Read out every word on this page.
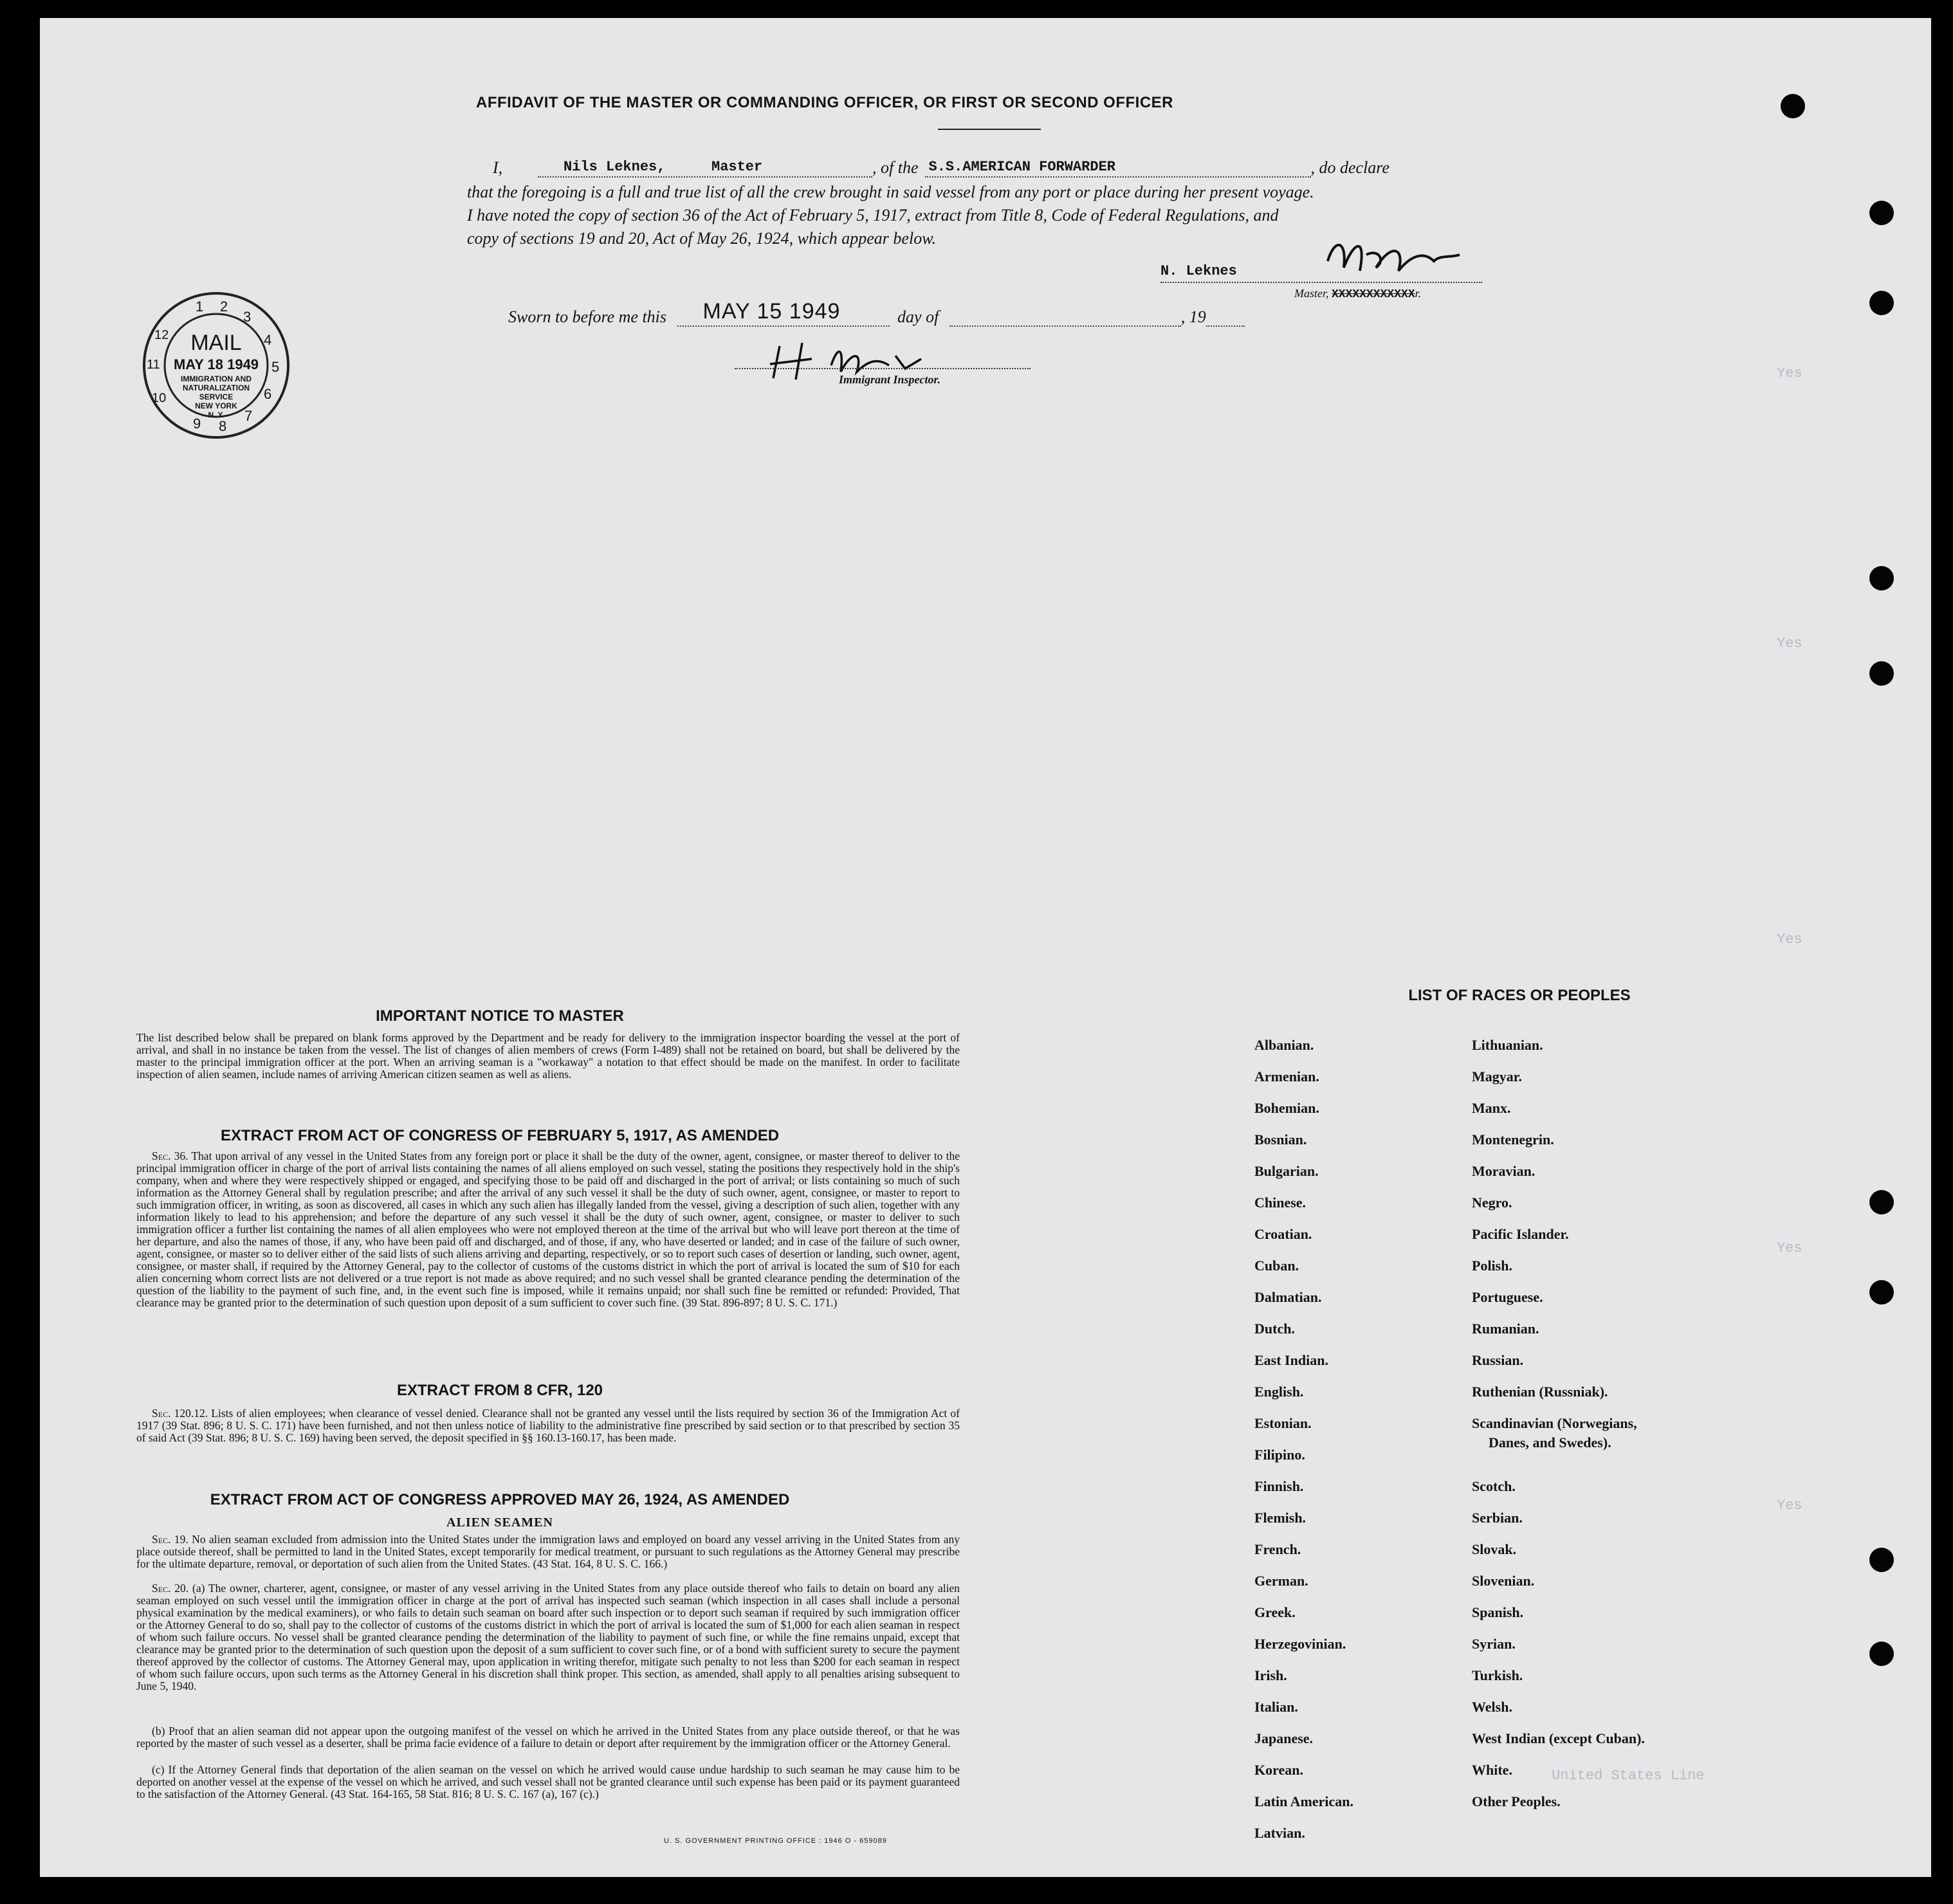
Yes
Yes
Yes
Yes
Yes
United States Line
AFFIDAVIT OF THE MASTER OR COMMANDING OFFICER, OR FIRST OR SECOND OFFICER
I,	Nils Leknes,	Master	, of the S.S.AMERICAN FORWARDER	, do declare
that the foregoing is a full and true list of all the crew brought in said vessel from any port or place during her present voyage.
I have noted the copy of section 36 of the Act of February 5, 1917, extract from Title 8, Code of Federal Regulations, and
copy of sections 19 and 20, Act of May 26, 1924, which appear below.
N. Leknes
Master, XXXXXXXXXXXXr.
Sworn to before me this MAY 15 1949	day of	, 19
Immigrant Inspector.
1 2
3
4
5
6
7
8
9
10
11
12	MAIL
MAY 18 1949
IMMIGRATION AND
NATURALIZATION
SERVICE
NEW YORK
N. Y.
IMPORTANT NOTICE TO MASTER
The list described below shall be prepared on blank forms approved by the Department and be ready for delivery to the immigration inspector boarding the vessel at the port of arrival, and shall in no instance be taken from the vessel. The list of changes of alien members of crews (Form I-489) shall not be retained on board, but shall be delivered by the master to the principal immigration officer at the port. When an arriving seaman is a "workaway" a notation to that effect should be made on the manifest. In order to facilitate inspection of alien seamen, include names of arriving American citizen seamen as well as aliens.
EXTRACT FROM ACT OF CONGRESS OF FEBRUARY 5, 1917, AS AMENDED
Sec. 36. That upon arrival of any vessel in the United States from any foreign port or place it shall be the duty of the owner, agent, consignee, or master thereof to deliver to the principal immigration officer in charge of the port of arrival lists containing the names of all aliens employed on such vessel, stating the positions they respectively hold in the ship's company, when and where they were respectively shipped or engaged, and specifying those to be paid off and discharged in the port of arrival; or lists containing so much of such information as the Attorney General shall by regulation prescribe; and after the arrival of any such vessel it shall be the duty of such owner, agent, consignee, or master to report to such immigration officer, in writing, as soon as discovered, all cases in which any such alien has illegally landed from the vessel, giving a description of such alien, together with any information likely to lead to his apprehension; and before the departure of any such vessel it shall be the duty of such owner, agent, consignee, or master to deliver to such immigration officer a further list containing the names of all alien employees who were not employed thereon at the time of the arrival but who will leave port thereon at the time of her departure, and also the names of those, if any, who have been paid off and discharged, and of those, if any, who have deserted or landed; and in case of the failure of such owner, agent, consignee, or master so to deliver either of the said lists of such aliens arriving and departing, respectively, or so to report such cases of desertion or landing, such owner, agent, consignee, or master shall, if required by the Attorney General, pay to the collector of customs of the customs district in which the port of arrival is located the sum of $10 for each alien concerning whom correct lists are not delivered or a true report is not made as above required; and no such vessel shall be granted clearance pending the determination of the question of the liability to the payment of such fine, and, in the event such fine is imposed, while it remains unpaid; nor shall such fine be remitted or refunded: Provided, That clearance may be granted prior to the determination of such question upon deposit of a sum sufficient to cover such fine. (39 Stat. 896-897; 8 U. S. C. 171.)
EXTRACT FROM 8 CFR, 120
Sec. 120.12. Lists of alien employees; when clearance of vessel denied. Clearance shall not be granted any vessel until the lists required by section 36 of the Immigration Act of 1917 (39 Stat. 896; 8 U. S. C. 171) have been furnished, and not then unless notice of liability to the administrative fine prescribed by said section or to that prescribed by section 35 of said Act (39 Stat. 896; 8 U. S. C. 169) having been served, the deposit specified in §§ 160.13-160.17, has been made.
EXTRACT FROM ACT OF CONGRESS APPROVED MAY 26, 1924, AS AMENDED
ALIEN SEAMEN
Sec. 19. No alien seaman excluded from admission into the United States under the immigration laws and employed on board any vessel arriving in the United States from any place outside thereof, shall be permitted to land in the United States, except temporarily for medical treatment, or pursuant to such regulations as the Attorney General may prescribe for the ultimate departure, removal, or deportation of such alien from the United States. (43 Stat. 164, 8 U. S. C. 166.)
Sec. 20. (a) The owner, charterer, agent, consignee, or master of any vessel arriving in the United States from any place outside thereof who fails to detain on board any alien seaman employed on such vessel until the immigration officer in charge at the port of arrival has inspected such seaman (which inspection in all cases shall include a personal physical examination by the medical examiners), or who fails to detain such seaman on board after such inspection or to deport such seaman if required by such immigration officer or the Attorney General to do so, shall pay to the collector of customs of the customs district in which the port of arrival is located the sum of $1,000 for each alien seaman in respect of whom such failure occurs. No vessel shall be granted clearance pending the determination of the liability to payment of such fine, or while the fine remains unpaid, except that clearance may be granted prior to the determination of such question upon the deposit of a sum sufficient to cover such fine, or of a bond with sufficient surety to secure the payment thereof approved by the collector of customs. The Attorney General may, upon application in writing therefor, mitigate such penalty to not less than $200 for each seaman in respect of whom such failure occurs, upon such terms as the Attorney General in his discretion shall think proper. This section, as amended, shall apply to all penalties arising subsequent to June 5, 1940.
(b) Proof that an alien seaman did not appear upon the outgoing manifest of the vessel on which he arrived in the United States from any place outside thereof, or that he was reported by the master of such vessel as a deserter, shall be prima facie evidence of a failure to detain or deport after requirement by the immigration officer or the Attorney General.
(c) If the Attorney General finds that deportation of the alien seaman on the vessel on which he arrived would cause undue hardship to such seaman he may cause him to be deported on another vessel at the expense of the vessel on which he arrived, and such vessel shall not be granted clearance until such expense has been paid or its payment guaranteed to the satisfaction of the Attorney General. (43 Stat. 164-165, 58 Stat. 816; 8 U. S. C. 167 (a), 167 (c).)
U. S. GOVERNMENT PRINTING OFFICE : 1946 O - 659089
LIST OF RACES OR PEOPLES
Albanian.
Armenian.
Bohemian.
Bosnian.
Bulgarian.
Chinese.
Croatian.
Cuban.
Dalmatian.
Dutch.
East Indian.
English.
Estonian.
Filipino.
Finnish.
Flemish.
French.
German.
Greek.
Herzegovinian.
Irish.
Italian.
Japanese.
Korean.
Latin American.
Latvian.
Lithuanian.
Magyar.
Manx.
Montenegrin.
Moravian.
Negro.
Pacific Islander.
Polish.
Portuguese.
Rumanian.
Russian.
Ruthenian (Russniak).
Scandinavian (Norwegians,
Danes, and Swedes).
Scotch.
Serbian.
Slovak.
Slovenian.
Spanish.
Syrian.
Turkish.
Welsh.
West Indian (except Cuban).
White.
Other Peoples.
